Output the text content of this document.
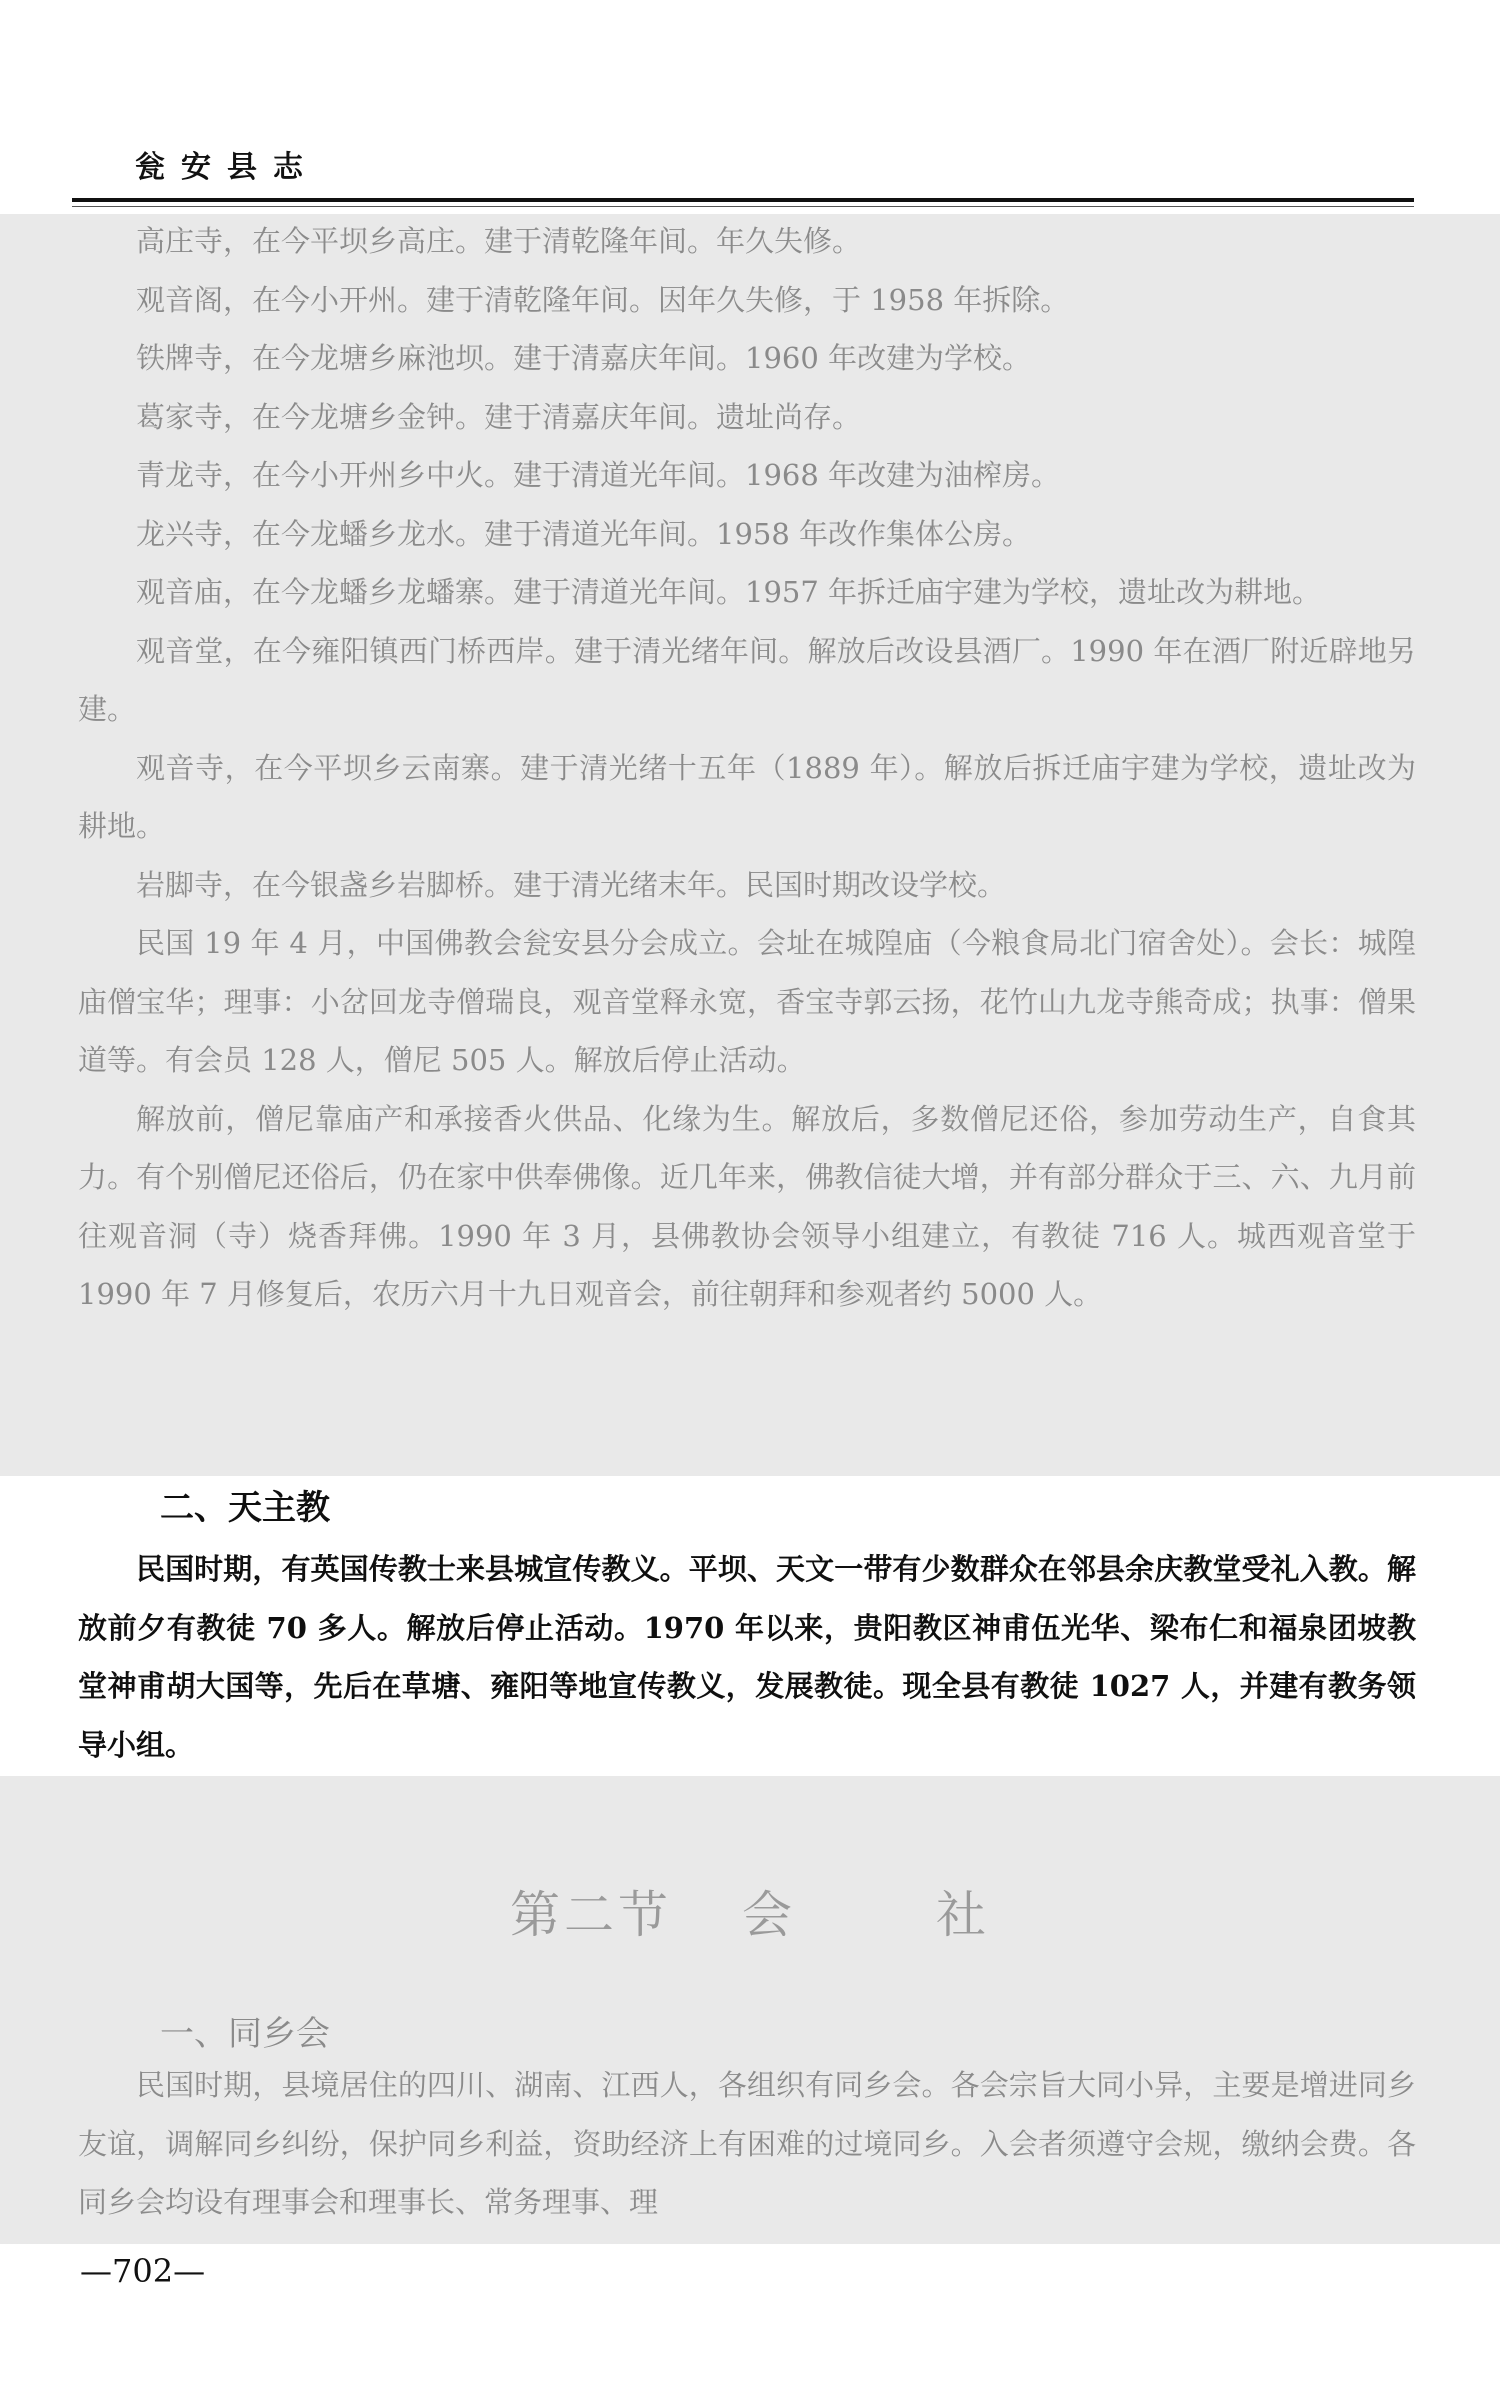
瓮安县志

高庄寺，在今平坝乡高庄。建于清乾隆年间。年久失修。

观音阁，在今小开州。建于清乾隆年间。因年久失修，于 1958 年拆除。

铁牌寺，在今龙塘乡麻池坝。建于清嘉庆年间。1960 年改建为学校。

葛家寺，在今龙塘乡金钟。建于清嘉庆年间。遗址尚存。

青龙寺，在今小开州乡中火。建于清道光年间。1968 年改建为油榨房。

龙兴寺，在今龙蟠乡龙水。建于清道光年间。1958 年改作集体公房。

观音庙，在今龙蟠乡龙蟠寨。建于清道光年间。1957 年拆迁庙宇建为学校，遗址改为耕地。

观音堂，在今雍阳镇西门桥西岸。建于清光绪年间。解放后改设县酒厂。1990 年在酒厂附近辟地另建。

观音寺，在今平坝乡云南寨。建于清光绪十五年（1889 年）。解放后拆迁庙宇建为学校，遗址改为耕地。

岩脚寺，在今银盏乡岩脚桥。建于清光绪末年。民国时期改设学校。

民国 19 年 4 月，中国佛教会瓮安县分会成立。会址在城隍庙（今粮食局北门宿舍处）。会长：城隍庙僧宝华；理事：小岔回龙寺僧瑞良，观音堂释永宽，香宝寺郭云扬，花竹山九龙寺熊奇成；执事：僧果道等。有会员 128 人，僧尼 505 人。解放后停止活动。

解放前，僧尼靠庙产和承接香火供品、化缘为生。解放后，多数僧尼还俗，参加劳动生产，自食其力。有个别僧尼还俗后，仍在家中供奉佛像。近几年来，佛教信徒大增，并有部分群众于三、六、九月前往观音洞（寺）烧香拜佛。1990 年 3 月，县佛教协会领导小组建立，有教徒 716 人。城西观音堂于 1990 年 7 月修复后，农历六月十九日观音会，前往朝拜和参观者约 5000 人。

二、天主教

民国时期，有英国传教士来县城宣传教义。平坝、天文一带有少数群众在邻县余庆教堂受礼入教。解放前夕有教徒 70 多人。解放后停止活动。1970 年以来，贵阳教区神甫伍光华、梁布仁和福泉团坡教堂神甫胡大国等，先后在草塘、雍阳等地宣传教义，发展教徒。现全县有教徒 1027 人，并建有教务领导小组。

第二节 会	社
一、同乡会

民国时期，县境居住的四川、湖南、江西人，各组织有同乡会。各会宗旨大同小异，主要是增进同乡友谊，调解同乡纠纷，保护同乡利益，资助经济上有困难的过境同乡。入会者须遵守会规，缴纳会费。各同乡会均设有理事会和理事长、常务理事、理

—702—
